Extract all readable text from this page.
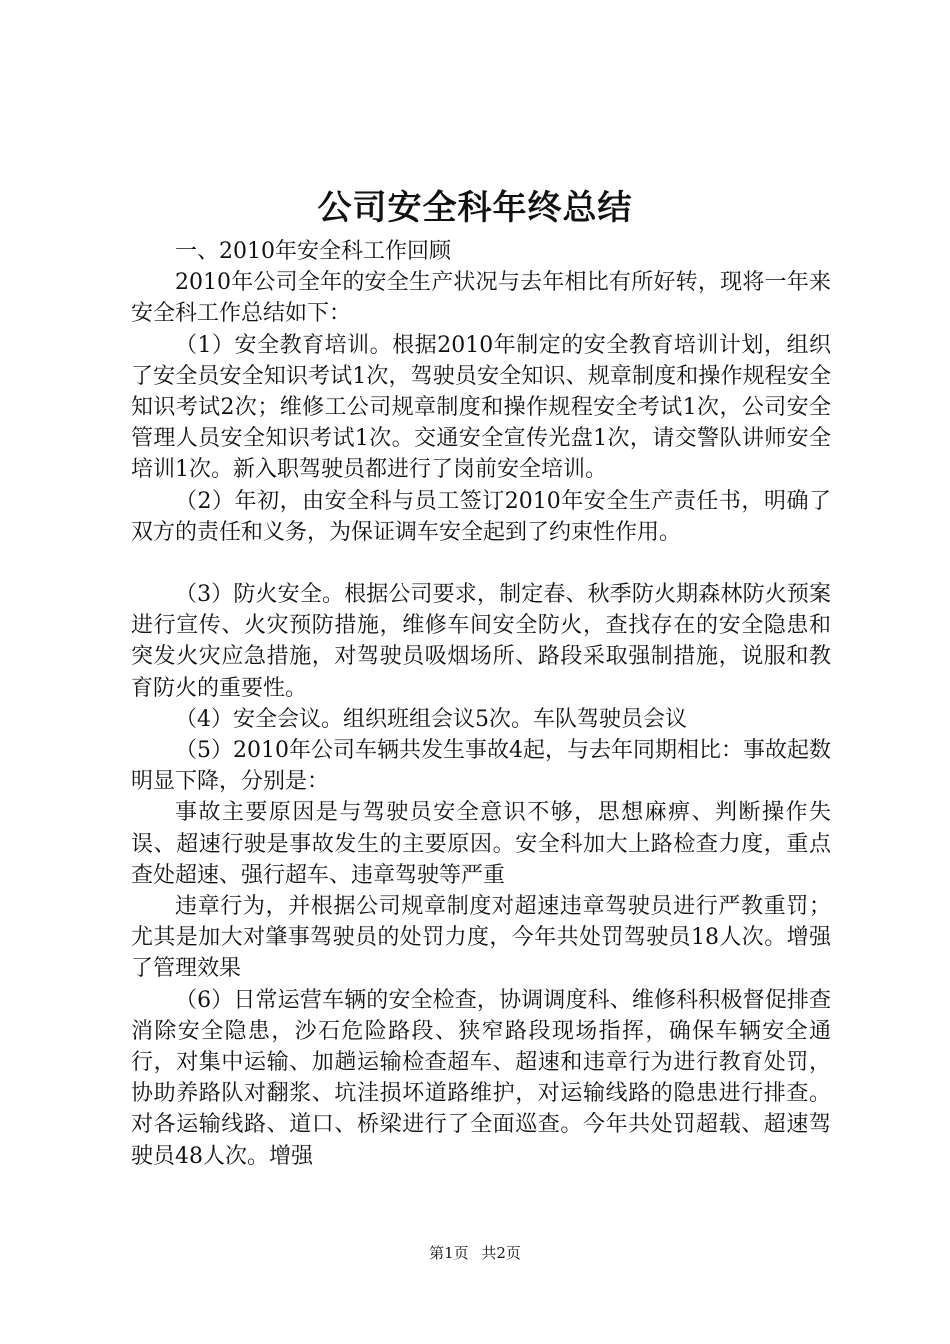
公司安全科年终总结

一、2010年安全科工作回顾

2010年公司全年的安全生产状况与去年相比有所好转，现将一年来安全科工作总结如下：

（1）安全教育培训。根据2010年制定的安全教育培训计划，组织了安全员安全知识考试1次，驾驶员安全知识、规章制度和操作规程安全知识考试2次；维修工公司规章制度和操作规程安全考试1次，公司安全管理人员安全知识考试1次。交通安全宣传光盘1次，请交警队讲师安全培训1次。新入职驾驶员都进行了岗前安全培训。

（2）年初，由安全科与员工签订2010年安全生产责任书，明确了双方的责任和义务，为保证调车安全起到了约束性作用。

（3）防火安全。根据公司要求，制定春、秋季防火期森林防火预案进行宣传、火灾预防措施，维修车间安全防火，查找存在的安全隐患和突发火灾应急措施，对驾驶员吸烟场所、路段采取强制措施，说服和教育防火的重要性。

（4）安全会议。组织班组会议5次。车队驾驶员会议

（5）2010年公司车辆共发生事故4起，与去年同期相比：事故起数明显下降，分别是：

事故主要原因是与驾驶员安全意识不够，思想麻痹、判断操作失误、超速行驶是事故发生的主要原因。安全科加大上路检查力度，重点查处超速、强行超车、违章驾驶等严重

违章行为，并根据公司规章制度对超速违章驾驶员进行严教重罚；尤其是加大对肇事驾驶员的处罚力度，今年共处罚驾驶员18人次。增强了管理效果

（6）日常运营车辆的安全检查，协调调度科、维修科积极督促排查消除安全隐患，沙石危险路段、狭窄路段现场指挥，确保车辆安全通行，对集中运输、加趟运输检查超车、超速和违章行为进行教育处罚，协助养路队对翻浆、坑洼损坏道路维护，对运输线路的隐患进行排查。对各运输线路、道口、桥梁进行了全面巡查。今年共处罚超载、超速驾驶员48人次。增强

第1页 共2页
